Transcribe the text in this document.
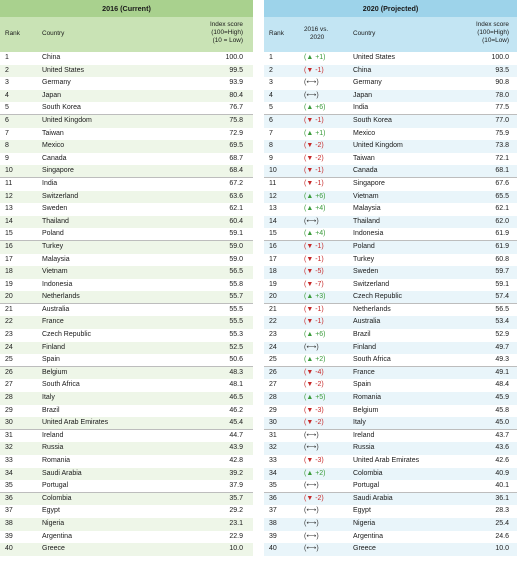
2016 (Current)
Rank	Country
Index score
(100=High)
(10 = Low)
1	China	100.0
2	United States	99.5
3	Germany	93.9
4	Japan	80.4
5	South Korea	76.7
6	United Kingdom	75.8
7	Taiwan	72.9
8	Mexico	69.5
9	Canada	68.7
10	Singapore	68.4
11	India	67.2
12	Switzerland	63.6
13	Sweden	62.1
14	Thailand	60.4
15	Poland	59.1
16	Turkey	59.0
17	Malaysia	59.0
18	Vietnam	56.5
19	Indonesia	55.8
20	Netherlands	55.7
21	Australia	55.5
22	France	55.5
23	Czech Republic	55.3
24	Finland	52.5
25	Spain	50.6
26	Belgium	48.3
27	South Africa	48.1
28	Italy	46.5
29	Brazil	46.2
30	United Arab Emirates	45.4
31	Ireland	44.7
32	Russia	43.9
33	Romania	42.8
34	Saudi Arabia	39.2
35	Portugal	37.9
36	Colombia	35.7
37	Egypt	29.2
38	Nigeria	23.1
39	Argentina	22.9
40	Greece	10.0
2020 (Projected)
Rank
2016 vs.
2020
Country
Index score
(100=High)
(10=Low)
1	(▲ +1)	United States	100.0
2	(▼ -1)	China	93.5
3	(⟷)	Germany	90.8
4	(⟷)	Japan	78.0
5	(▲ +6)	India	77.5
6	(▼ -1)	South Korea	77.0
7	(▲ +1)	Mexico	75.9
8	(▼ -2)	United Kingdom	73.8
9	(▼ -2)	Taiwan	72.1
10	(▼ -1)	Canada	68.1
11	(▼ -1)	Singapore	67.6
12	(▲ +6)	Vietnam	65.5
13	(▲ +4)	Malaysia	62.1
14	(⟷)	Thailand	62.0
15	(▲ +4)	Indonesia	61.9
16	(▼ -1)	Poland	61.9
17	(▼ -1)	Turkey	60.8
18	(▼ -5)	Sweden	59.7
19	(▼ -7)	Switzerland	59.1
20	(▲ +3)	Czech Republic	57.4
21	(▼ -1)	Netherlands	56.5
22	(▼ -1)	Australia	53.4
23	(▲ +6)	Brazil	52.9
24	(⟷)	Finland	49.7
25	(▲ +2)	South Africa	49.3
26	(▼ -4)	France	49.1
27	(▼ -2)	Spain	48.4
28	(▲ +5)	Romania	45.9
29	(▼ -3)	Belgium	45.8
30	(▼ -2)	Italy	45.0
31	(⟷)	Ireland	43.7
32	(⟷)	Russia	43.6
33	(▼ -3)	United Arab Emirates	42.6
34	(▲ +2)	Colombia	40.9
35	(⟷)	Portugal	40.1
36	(▼ -2)	Saudi Arabia	36.1
37	(⟷)	Egypt	28.3
38	(⟷)	Nigeria	25.4
39	(⟷)	Argentina	24.6
40	(⟷)	Greece	10.0
